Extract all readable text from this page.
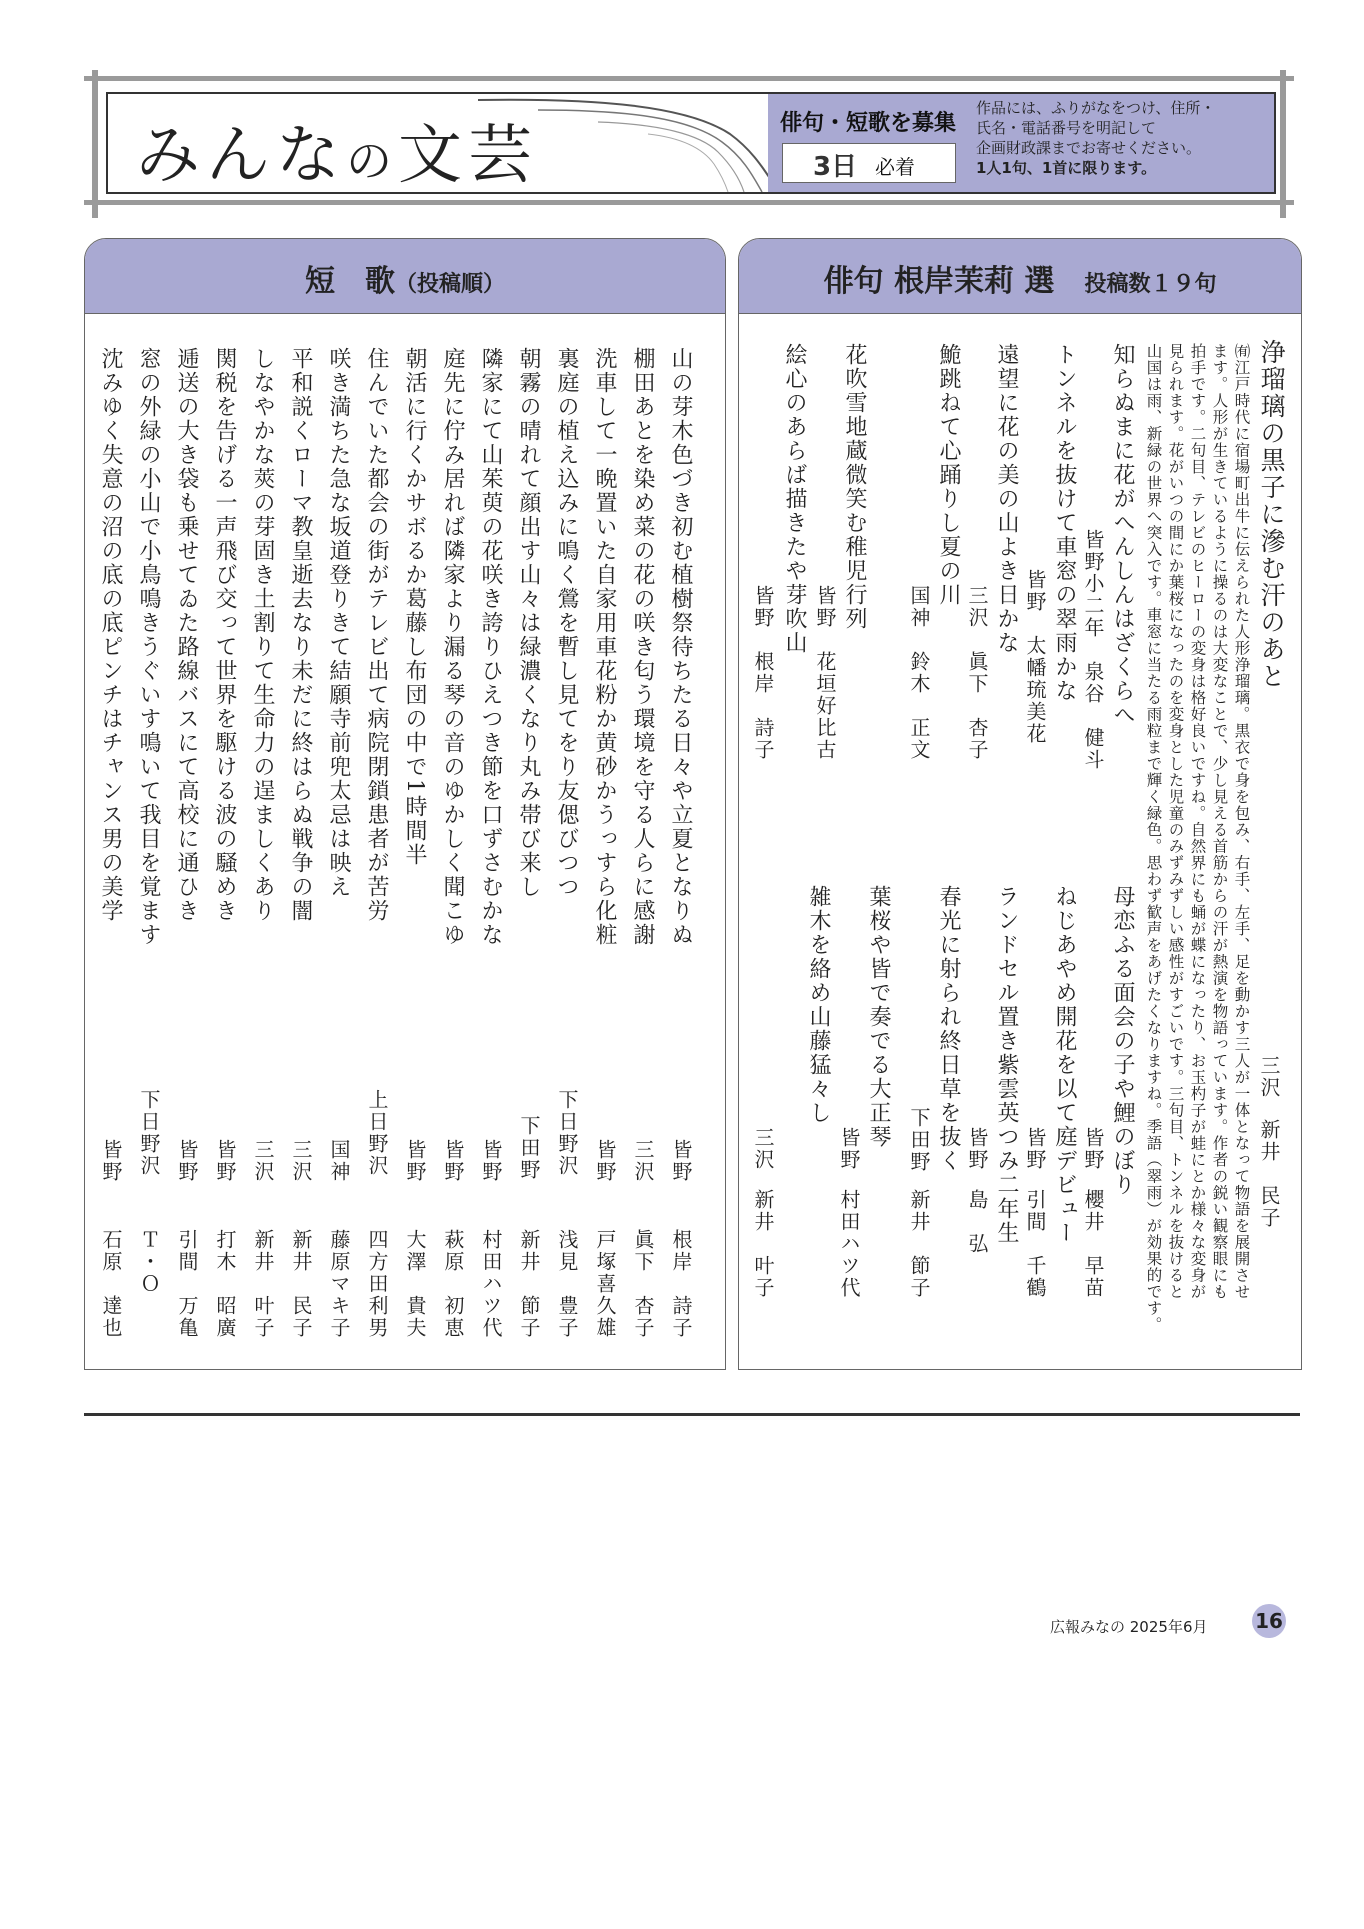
みんなの文芸	俳句・短歌を募集
3日 必着
作品には、ふりがなをつけ、住所・
氏名・電話番号を明記して
企画財政課までお寄せください。
1人1句、1首に限ります。
短　歌（投稿順）
山の芽木色づき初む植樹祭待ちたる日々や立夏となりぬ
棚田あとを染め菜の花の咲き匂う環境を守る人らに感謝
洗車して一晩置いた自家用車花粉か黄砂かうっすら化粧
裏庭の植え込みに鳴く鶯を暫し見てをり友偲びつつ
朝霧の晴れて顔出す山々は緑濃くなり丸み帯び来し
隣家にて山茱萸の花咲き誇りひえつき節を口ずさむかな
庭先に佇み居れば隣家より漏る琴の音のゆかしく聞こゆ
朝活に行くかサボるか葛藤し布団の中で1時間半
住んでいた都会の街がテレビ出て病院閉鎖患者が苦労
咲き満ちた急な坂道登りきて結願寺前兜太忌は映え
平和説くローマ教皇逝去なり未だに終はらぬ戦争の闇
しなやかな莢の芽固き土割りて生命力の逞ましくあり
関税を告げる一声飛び交って世界を駆ける波の騒めき
逓送の大き袋も乗せてゐた路線バスにて高校に通ひき
窓の外緑の小山で小鳥鳴きうぐいす鳴いて我目を覚ます
沈みゆく失意の沼の底の底ピンチはチャンス男の美学
皆野
根岸　詩子
三沢
眞下　杏子
皆野
戸塚喜久雄
下日野沢
浅見　豊子
下田野
新井　節子
皆野
村田ハツ代
皆野
萩原　初恵
皆野
大澤　貴夫
上日野沢
四方田利男
国神
藤原マキ子
三沢
新井　民子
三沢
新井　叶子
皆野
打木　昭廣
皆野
引間　万亀
下日野沢
Ｔ・Ｏ
皆野
石原　達也
俳句 根岸茉莉 選　 投稿数１９句
浄瑠璃の黒子に滲む汗のあと
三沢
新井　民子
㈲江戸時代に宿場町出牛に伝えられた人形浄瑠璃。黒衣で身を包み、右手、左手、足を動かす三人が一体となって物語を展開させ
ます。人形が生きているように操るのは大変なことで、少し見える首筋からの汗が熱演を物語っています。作者の鋭い観察眼にも
拍手です。二句目、テレビのヒーローの変身は格好良いですね。自然界にも蛹が蝶になったり、お玉杓子が蛙にとか様々な変身が
見られます。花がいつの間にか葉桜になったのを変身とした児童のみずみずしい感性がすごいです。三句目、トンネルを抜けると
山国は雨、新緑の世界へ突入です。車窓に当たる雨粒まで輝く緑色。思わず歓声をあげたくなりますね。季語（翠雨）が効果的です。
知らぬまに花がへんしんはざくらへ
皆野小二年　泉谷　健斗
トンネルを抜けて車窓の翠雨かな
皆野　太幡琉美花
遠望に花の美の山よき日かな
三沢　眞下　杏子
鮠跳ねて心踊りし夏の川
国神　鈴木　正文
花吹雪地蔵微笑む稚児行列
皆野　花垣好比古
絵心のあらば描きたや芽吹山
皆野　根岸　詩子
母恋ふる面会の子や鯉のぼり
皆野
櫻井　早苗
ねじあやめ開花を以て庭デビュー
皆野
引間　千鶴
ランドセル置き紫雲英つみ二年生
皆野
島　弘
春光に射られ終日草を抜く
下田野
新井　節子
葉桜や皆で奏でる大正琴
皆野
村田ハツ代
雑木を絡め山藤猛々し
三沢
新井　叶子
広報みなの 2025年6月 16
